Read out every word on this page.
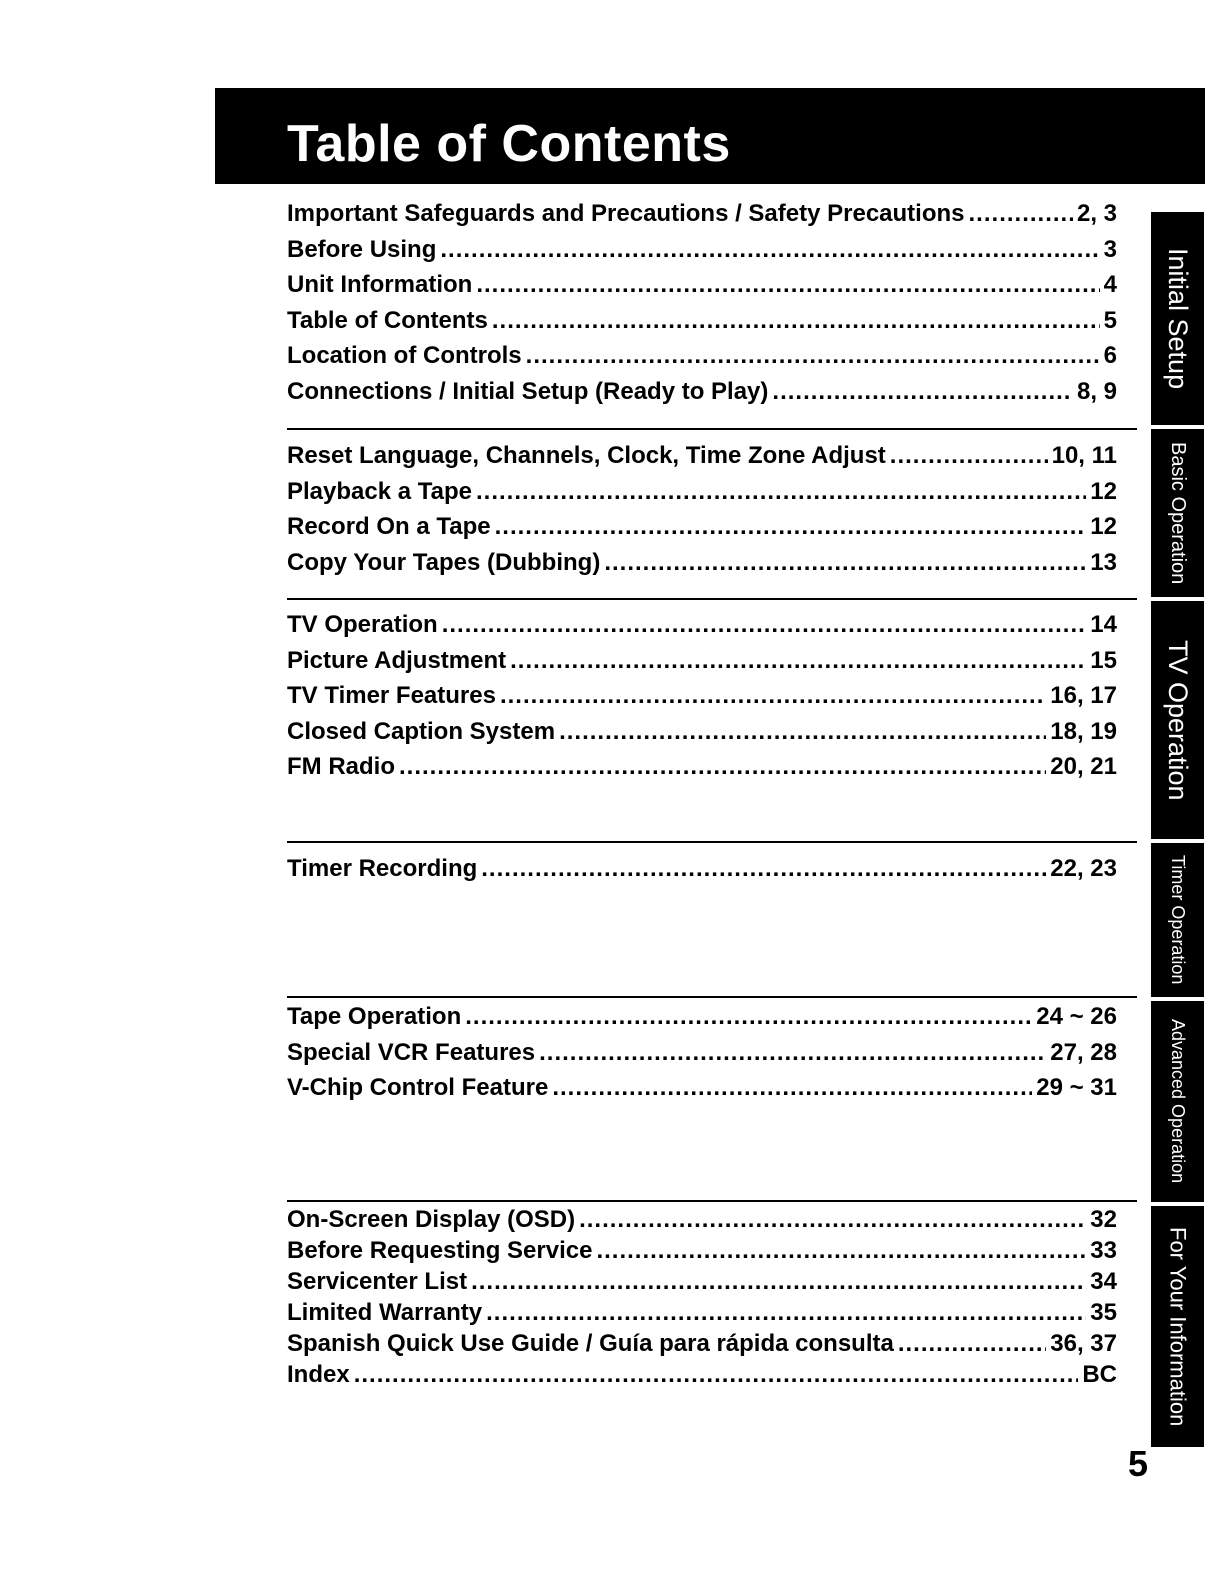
Table of Contents
Important Safeguards and Precautions / Safety Precautions .....	2, 3
Before Using .....	3
Unit Information .....	4
Table of Contents .....	5
Location of Controls .....	6
Connections / Initial Setup (Ready to Play) .....	8, 9
Reset Language, Channels, Clock, Time Zone Adjust .....	10, 11
Playback a Tape .....	12
Record On a Tape .....	12
Copy Your Tapes (Dubbing) .....	13
TV Operation .....	14
Picture Adjustment .....	15
TV Timer Features .....	16, 17
Closed Caption System .....	18, 19
FM Radio .....	20, 21
Timer Recording .....	22, 23
Tape Operation .....	24 ~ 26
Special VCR Features .....	27, 28
V-Chip Control Feature .....	29 ~ 31
On-Screen Display (OSD) .....	32
Before Requesting Service .....	33
Servicenter List .....	34
Limited Warranty .....	35
Spanish Quick Use Guide / Guía para rápida consulta .....	36, 37
Index .....	BC
Initial Setup
Basic Operation
TV Operation
Timer Operation
Advanced Operation
For Your Information
5
